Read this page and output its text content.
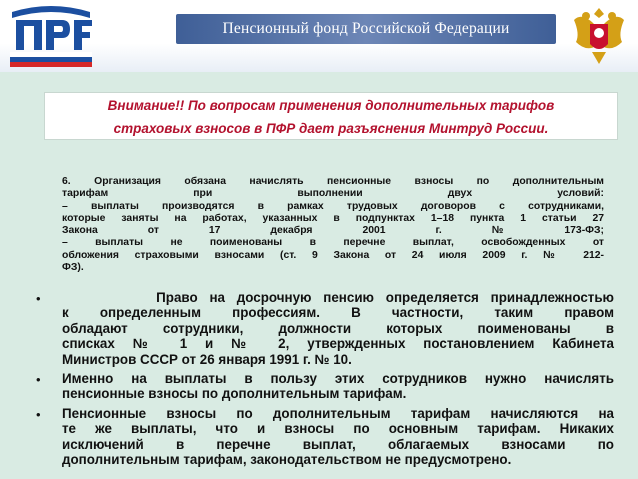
Пенсионный фонд Российской Федерации

Внимание!! По вопросам применения дополнительных тарифов

страховых взносов в ПФР дает разъяснения Минтруд России.

6. Организация обязана начислять пенсионные взносы по дополнительным
тарифам при выполнении двух условий:
– выплаты производятся в рамках трудовых договоров с сотрудниками,
которые заняты на работах, указанных в подпунктах 1–18 пункта 1 статьи 27
Закона от 17 декабря 2001 г. № 173-ФЗ;
– выплаты не поименованы в перечне выплат, освобожденных от
обложения страховыми взносами (ст. 9 Закона от 24 июля 2009 г. № 212-
ФЗ).
• Право на досрочную пенсию определяется принадлежностью
к определенным профессиям. В частности, таким правом
обладают сотрудники, должности которых поименованы в
списках № 1 и № 2, утвержденных постановлением Кабинета
Министров СССР от 26 января 1991 г. № 10.
• Именно на выплаты в пользу этих сотрудников нужно начислять
пенсионные взносы по дополнительным тарифам.
• Пенсионные взносы по дополнительным тарифам начисляются на
те же выплаты, что и взносы по основным тарифам. Никаких
исключений в перечне выплат, облагаемых взносами по
дополнительным тарифам, законодательством не предусмотрено.
